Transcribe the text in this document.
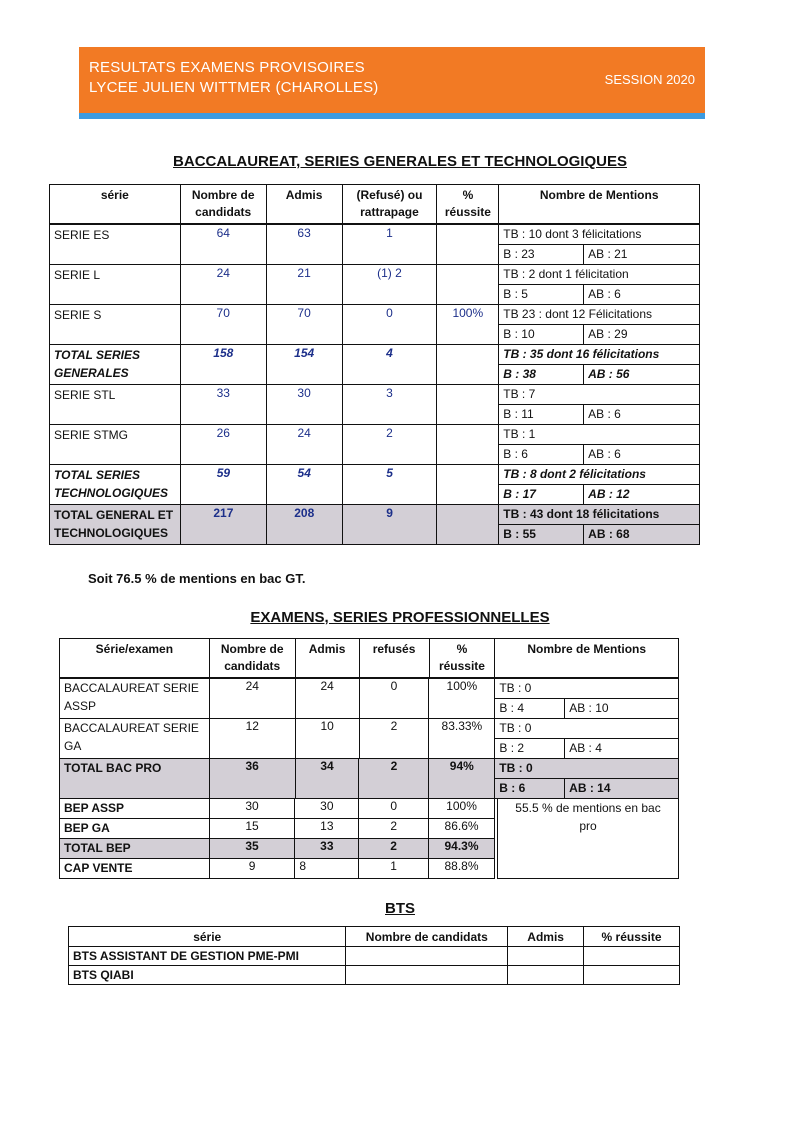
RESULTATS EXAMENS PROVISOIRES
LYCEE JULIEN WITTMER (CHAROLLES)	SESSION 2020
BACCALAUREAT, SERIES GENERALES ET TECHNOLOGIQUES
série	Nombre de candidats	Admis	(Refusé) ou rattrapage	% réussite	Nombre de Mentions
SERIE ES	64	63	1		TB : 10 dont 3 félicitations	
					B : 23	AB : 21
SERIE L	24	21	(1) 2		TB : 2 dont 1 félicitation	
					B : 5	AB : 6
SERIE S	70	70	0	100%	TB 23 : dont 12 Félicitations	
					B : 10	AB : 29
TOTAL SERIES GENERALES	158	154	4		TB : 35 dont 16 félicitations	
					B : 38	AB : 56
SERIE STL	33	30	3		TB : 7	
					B : 11	AB : 6
SERIE STMG	26	24	2		TB : 1	
					B : 6	AB : 6
TOTAL SERIES TECHNOLOGIQUES	59	54	5		TB : 8 dont 2 félicitations	
					B : 17	AB : 12
TOTAL GENERAL ET TECHNOLOGIQUES	217	208	9		TB : 43 dont 18 félicitations	
					B : 55	AB : 68
Soit 76.5 % de mentions en bac GT.
EXAMENS, SERIES PROFESSIONNELLES
Série/examen	Nombre de candidats	Admis	refusés	% réussite	Nombre de Mentions
BACCALAUREAT SERIE ASSP	24	24	0	100%	TB : 0	
					B : 4	AB : 10
BACCALAUREAT SERIE GA	12	10	2	83.33%	TB : 0	
					B : 2	AB : 4
TOTAL BAC PRO	36	34	2	94%	TB : 0	
					B : 6	AB : 14
BEP ASSP	30	30	0	100%
BEP GA	15	13	2	86.6%
TOTAL BEP	35	33	2	94.3%
CAP VENTE	9	8	1	88.8%
55.5 % de mentions en bac pro
BTS
série	Nombre de candidats	Admis	% réussite
BTS ASSISTANT DE GESTION PME-PMI			
BTS QIABI			
